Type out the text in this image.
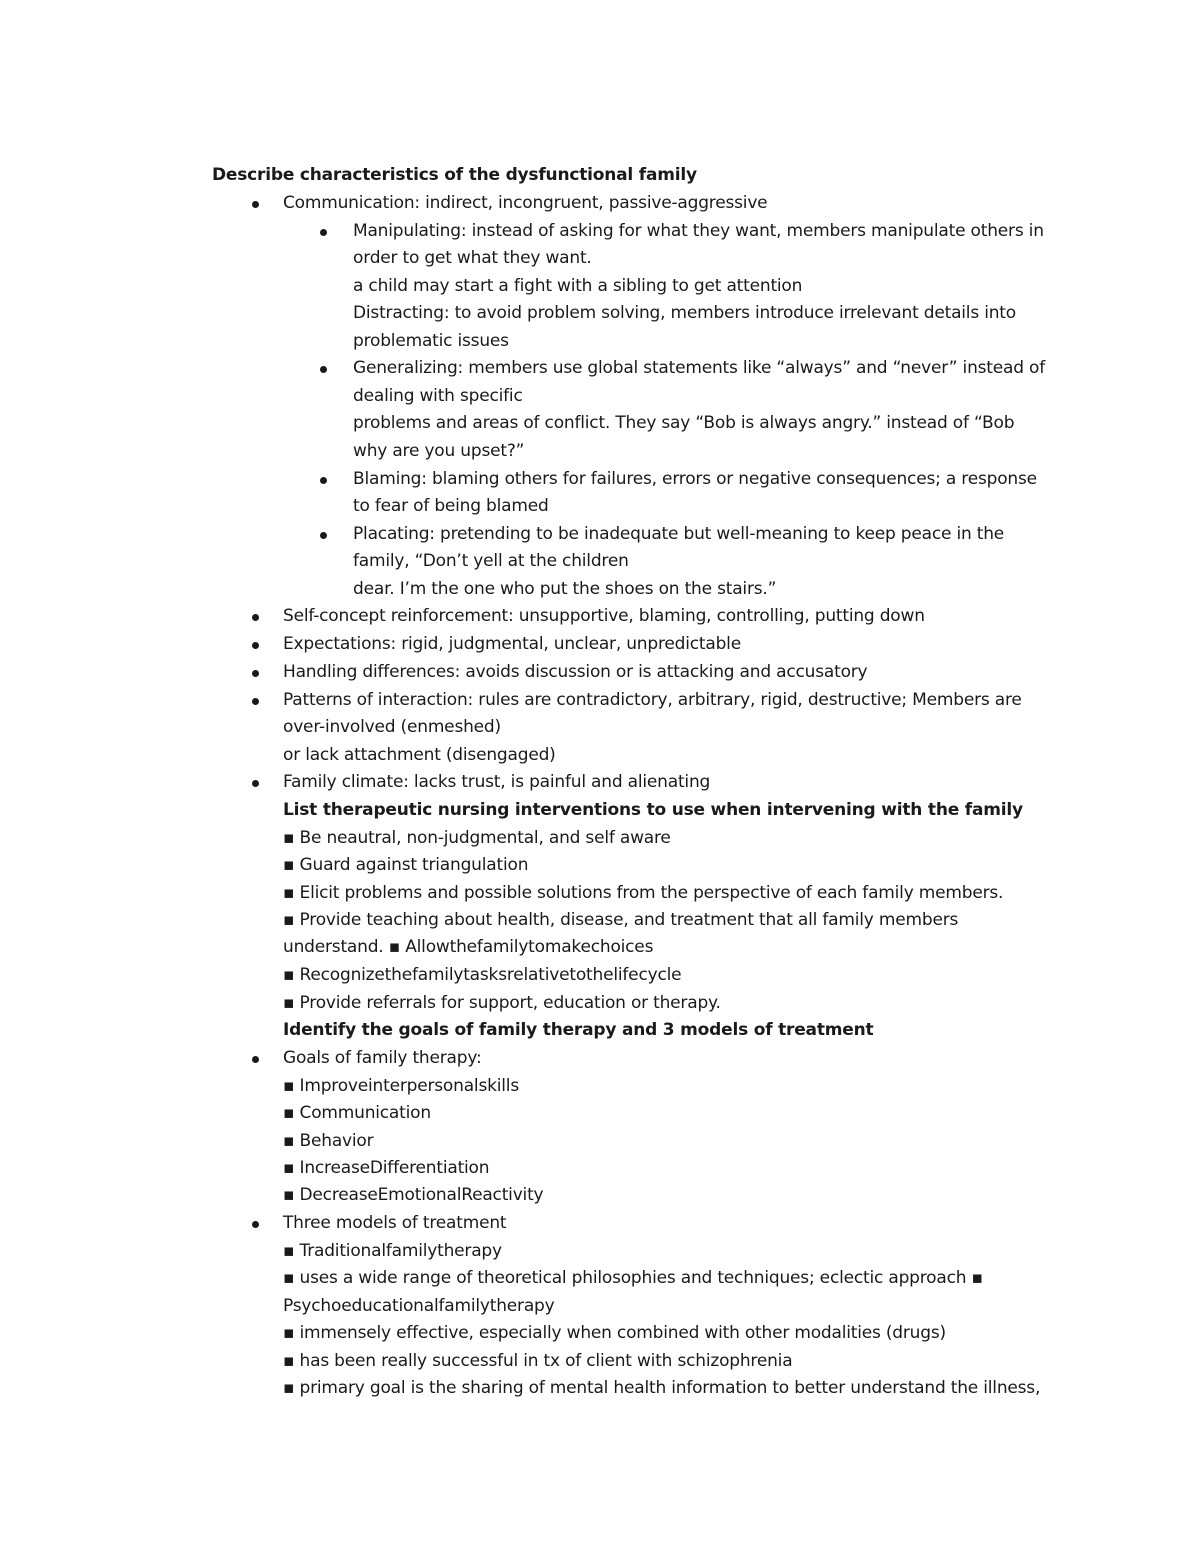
Describe characteristics of the dysfunctional family
Communication: indirect, incongruent, passive-aggressive
Manipulating: instead of asking for what they want, members manipulate others in
order to get what they want.
a child may start a fight with a sibling to get attention
Distracting: to avoid problem solving, members introduce irrelevant details into
problematic issues
Generalizing: members use global statements like “always” and “never” instead of
dealing with specific
problems and areas of conflict. They say “Bob is always angry.” instead of “Bob
why are you upset?”
Blaming: blaming others for failures, errors or negative consequences; a response
to fear of being blamed
Placating: pretending to be inadequate but well-meaning to keep peace in the
family, “Don’t yell at the children
dear. I’m the one who put the shoes on the stairs.”
Self-concept reinforcement: unsupportive, blaming, controlling, putting down
Expectations: rigid, judgmental, unclear, unpredictable
Handling differences: avoids discussion or is attacking and accusatory
Patterns of interaction: rules are contradictory, arbitrary, rigid, destructive; Members are
over-involved (enmeshed)
or lack attachment (disengaged)
Family climate: lacks trust, is painful and alienating
List therapeutic nursing interventions to use when intervening with the family
▪ Be neautral, non-judgmental, and self aware
▪ Guard against triangulation
▪ Elicit problems and possible solutions from the perspective of each family members.
▪ Provide teaching about health, disease, and treatment that all family members
understand. ▪ Allowthefamilytomakechoices
▪ Recognizethefamilytasksrelativetothelifecycle
▪ Provide referrals for support, education or therapy.
Identify the goals of family therapy and 3 models of treatment
Goals of family therapy:
▪ Improveinterpersonalskills
▪ Communication
▪ Behavior
▪ IncreaseDifferentiation
▪ DecreaseEmotionalReactivity
Three models of treatment
▪ Traditionalfamilytherapy
▪ uses a wide range of theoretical philosophies and techniques; eclectic approach ▪
Psychoeducationalfamilytherapy
▪ immensely effective, especially when combined with other modalities (drugs)
▪ has been really successful in tx of client with schizophrenia
▪ primary goal is the sharing of mental health information to better understand the illness,
